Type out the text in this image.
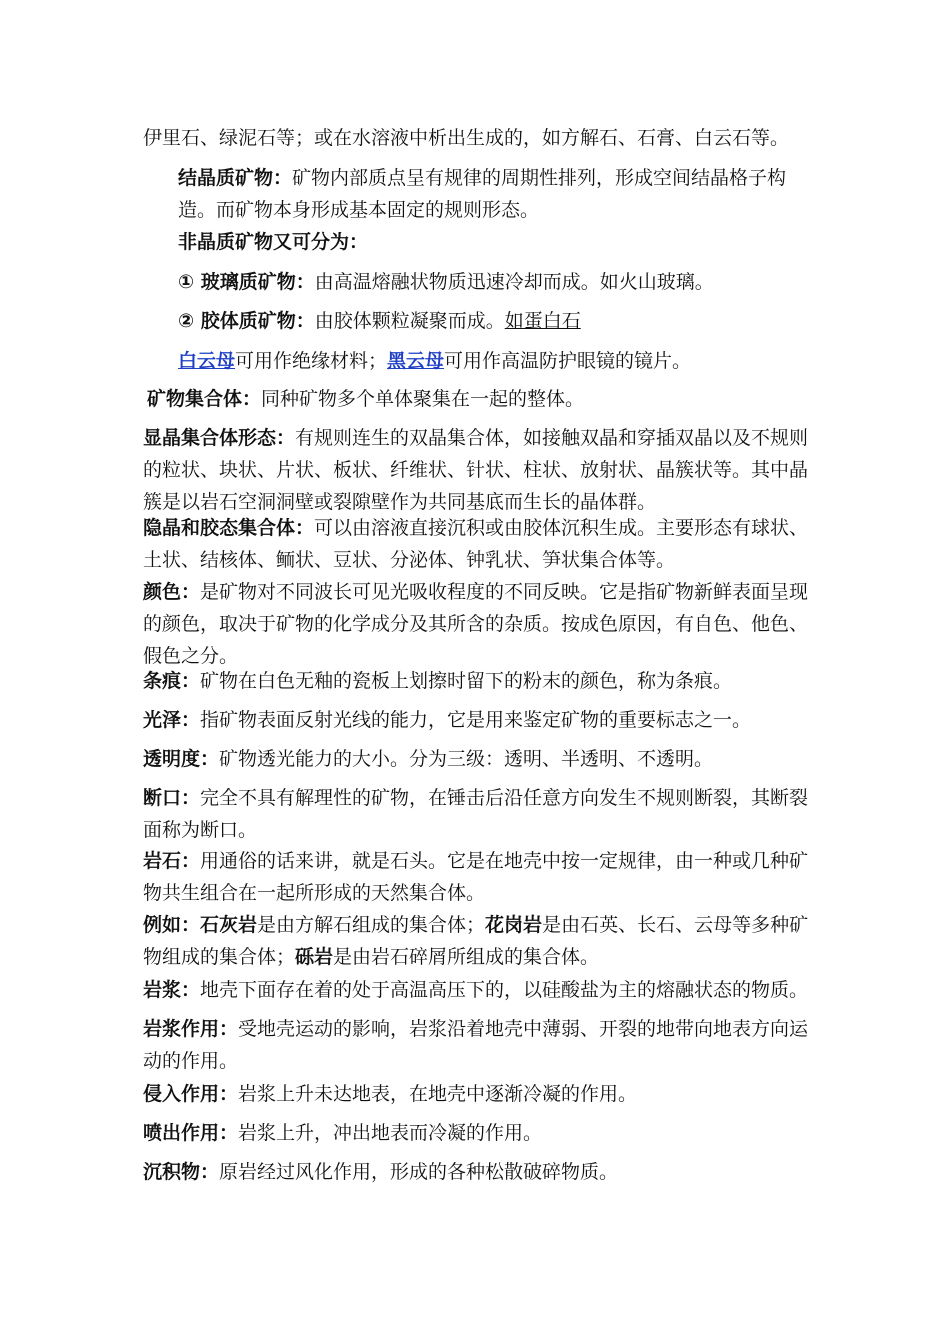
伊里石、绿泥石等；或在水溶液中析出生成的，如方解石、石膏、白云石等。

结晶质矿物：矿物内部质点呈有规律的周期性排列，形成空间结晶格子构造。而矿物本身形成基本固定的规则形态。

非晶质矿物又可分为：

① 玻璃质矿物：由高温熔融状物质迅速冷却而成。如火山玻璃。

② 胶体质矿物：由胶体颗粒凝聚而成。如蛋白石

白云母可用作绝缘材料；黑云母可用作高温防护眼镜的镜片。

矿物集合体：同种矿物多个单体聚集在一起的整体。

显晶集合体形态：有规则连生的双晶集合体，如接触双晶和穿插双晶以及不规则的粒状、块状、片状、板状、纤维状、针状、柱状、放射状、晶簇状等。其中晶簇是以岩石空洞洞壁或裂隙壁作为共同基底而生长的晶体群。

隐晶和胶态集合体：可以由溶液直接沉积或由胶体沉积生成。主要形态有球状、土状、结核体、鲕状、豆状、分泌体、钟乳状、笋状集合体等。

颜色：是矿物对不同波长可见光吸收程度的不同反映。它是指矿物新鲜表面呈现的颜色，取决于矿物的化学成分及其所含的杂质。按成色原因，有自色、他色、假色之分。

条痕：矿物在白色无釉的瓷板上划擦时留下的粉末的颜色，称为条痕。

光泽：指矿物表面反射光线的能力，它是用来鉴定矿物的重要标志之一。

透明度：矿物透光能力的大小。分为三级：透明、半透明、不透明。

断口：完全不具有解理性的矿物，在锤击后沿任意方向发生不规则断裂，其断裂面称为断口。

岩石：用通俗的话来讲，就是石头。它是在地壳中按一定规律，由一种或几种矿物共生组合在一起所形成的天然集合体。

例如：石灰岩是由方解石组成的集合体；花岗岩是由石英、长石、云母等多种矿物组成的集合体；砾岩是由岩石碎屑所组成的集合体。

岩浆：地壳下面存在着的处于高温高压下的，以硅酸盐为主的熔融状态的物质。

岩浆作用：受地壳运动的影响，岩浆沿着地壳中薄弱、开裂的地带向地表方向运动的作用。

侵入作用：岩浆上升未达地表，在地壳中逐渐冷凝的作用。

喷出作用：岩浆上升，冲出地表而冷凝的作用。

沉积物：原岩经过风化作用，形成的各种松散破碎物质。
